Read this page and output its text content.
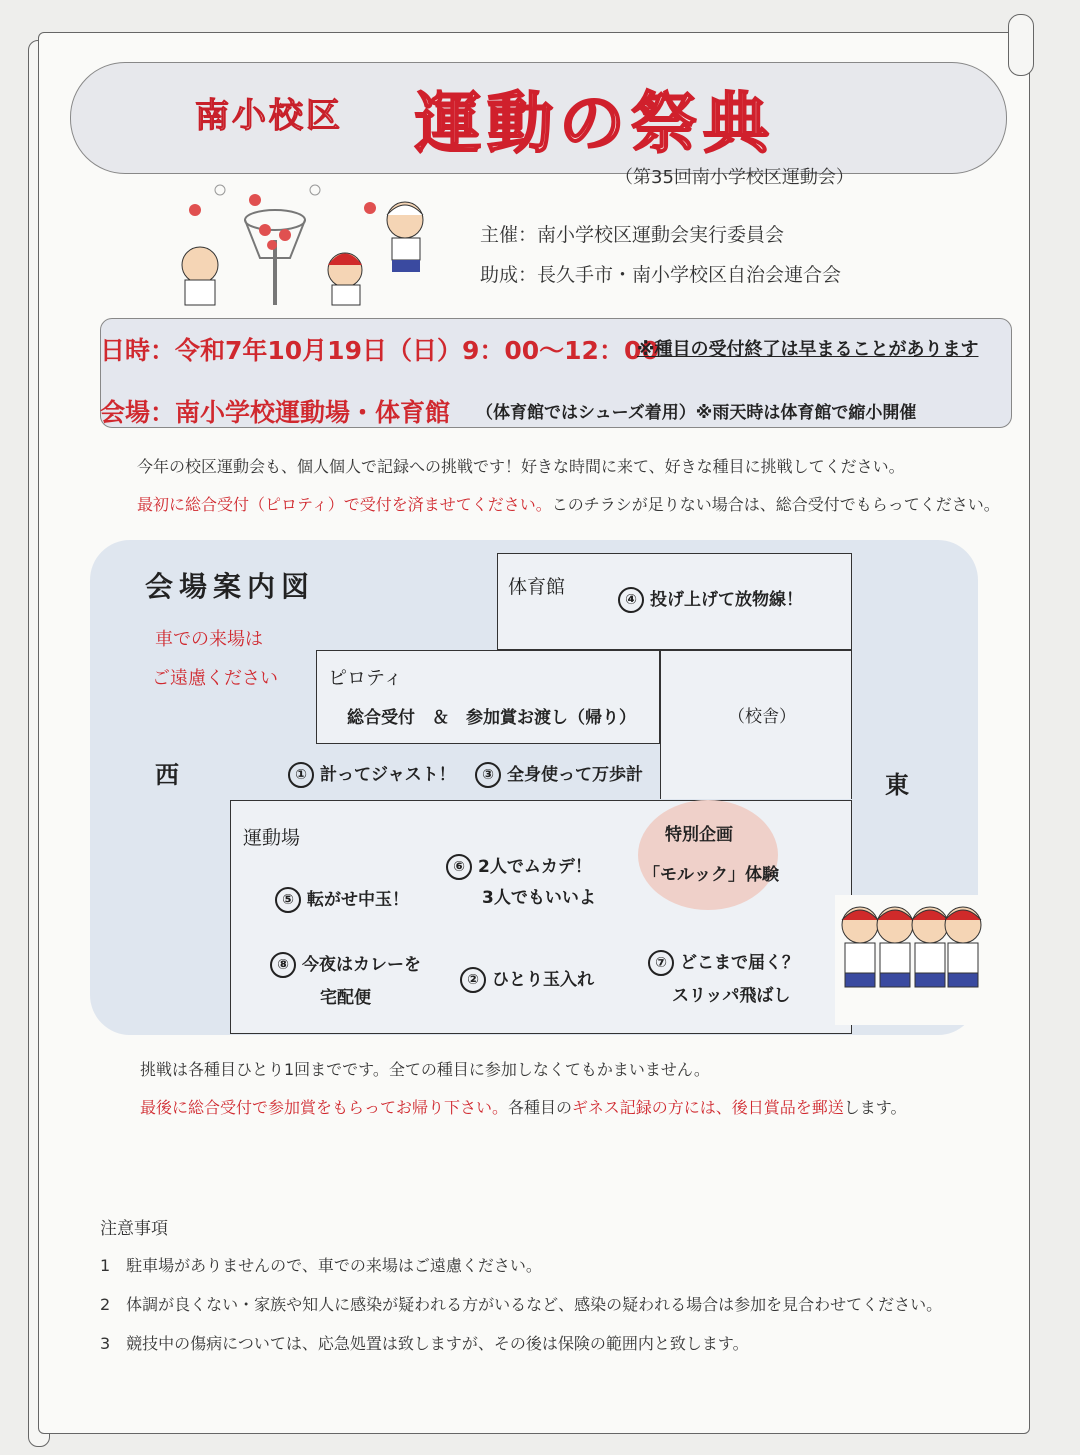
南小校区 運動の祭典
（第35回南小学校区運動会）
主催：南小学校区運動会実行委員会
助成：長久手市・南小学校区自治会連合会
日時：令和7年10月19日（日）9：00～12：00
※種目の受付終了は早まることがあります
会場：南小学校運動場・体育館 （体育館ではシューズ着用）※雨天時は体育館で縮小開催
今年の校区運動会も、個人個人で記録への挑戦です！好きな時間に来て、好きな種目に挑戦してください。
最初に総合受付（ピロティ）で受付を済ませてください。このチラシが足りない場合は、総合受付でもらってください。
会場案内図
車での来場は
ご遠慮ください
西	東
体育館
④ 投げ上げて放物線！
ピロティ
総合受付　＆　参加賞お渡し（帰り）	（校舎）
① 計ってジャスト！	③ 全身使って万歩計
運動場	特別企画
「モルック」体験
⑥ 2人でムカデ！
3人でもいいよ
⑤ 転がせ中玉！
⑧ 今夜はカレーを
宅配便
② ひとり玉入れ
⑦ どこまで届く？
スリッパ飛ばし
挑戦は各種目ひとり1回までです。全ての種目に参加しなくてもかまいません。
最後に総合受付で参加賞をもらってお帰り下さい。各種目のギネス記録の方には、後日賞品を郵送します。
注意事項
1　駐車場がありませんので、車での来場はご遠慮ください。
2　体調が良くない・家族や知人に感染が疑われる方がいるなど、感染の疑われる場合は参加を見合わせてください。
3　競技中の傷病については、応急処置は致しますが、その後は保険の範囲内と致します。
